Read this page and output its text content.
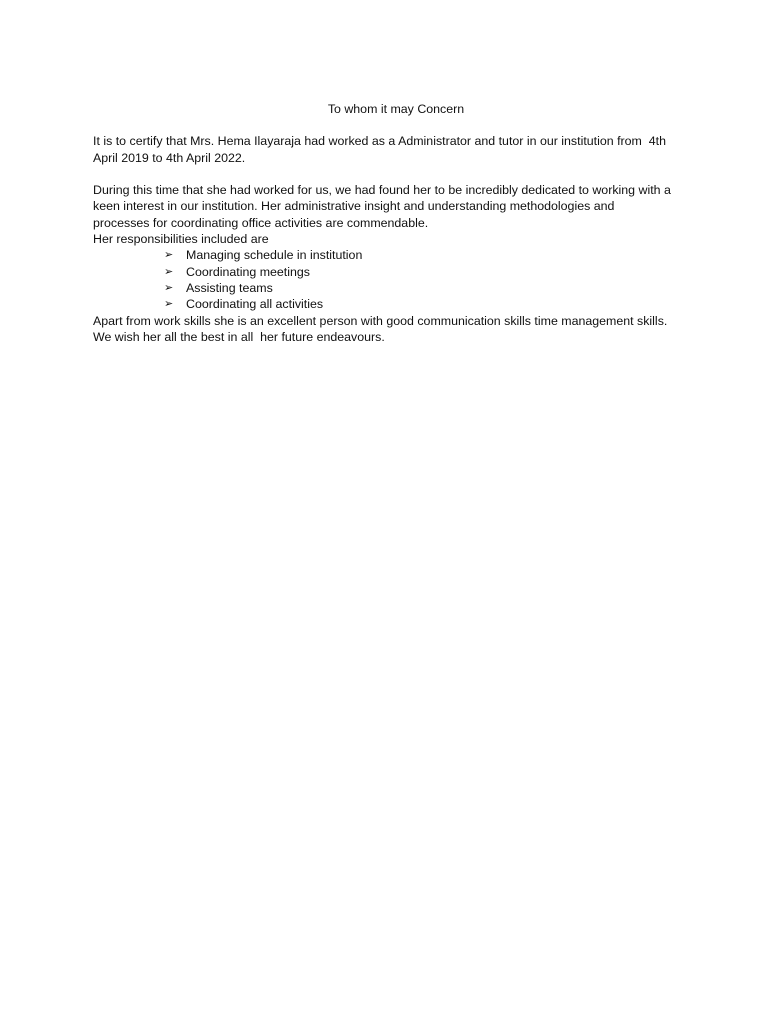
To whom it may Concern

It is to certify that Mrs. Hema Ilayaraja had worked as a Administrator and tutor in our institution from  4th April 2019 to 4th April 2022.

During this time that she had worked for us, we had found her to be incredibly dedicated to working with a keen interest in our institution. Her administrative insight and understanding methodologies and processes for coordinating office activities are commendable.

Her responsibilities included are

➢ Managing schedule in institution
➢ Coordinating meetings
➢ Assisting teams
➢ Coordinating all activities

Apart from work skills she is an excellent person with good communication skills time management skills.

We wish her all the best in all  her future endeavours.
